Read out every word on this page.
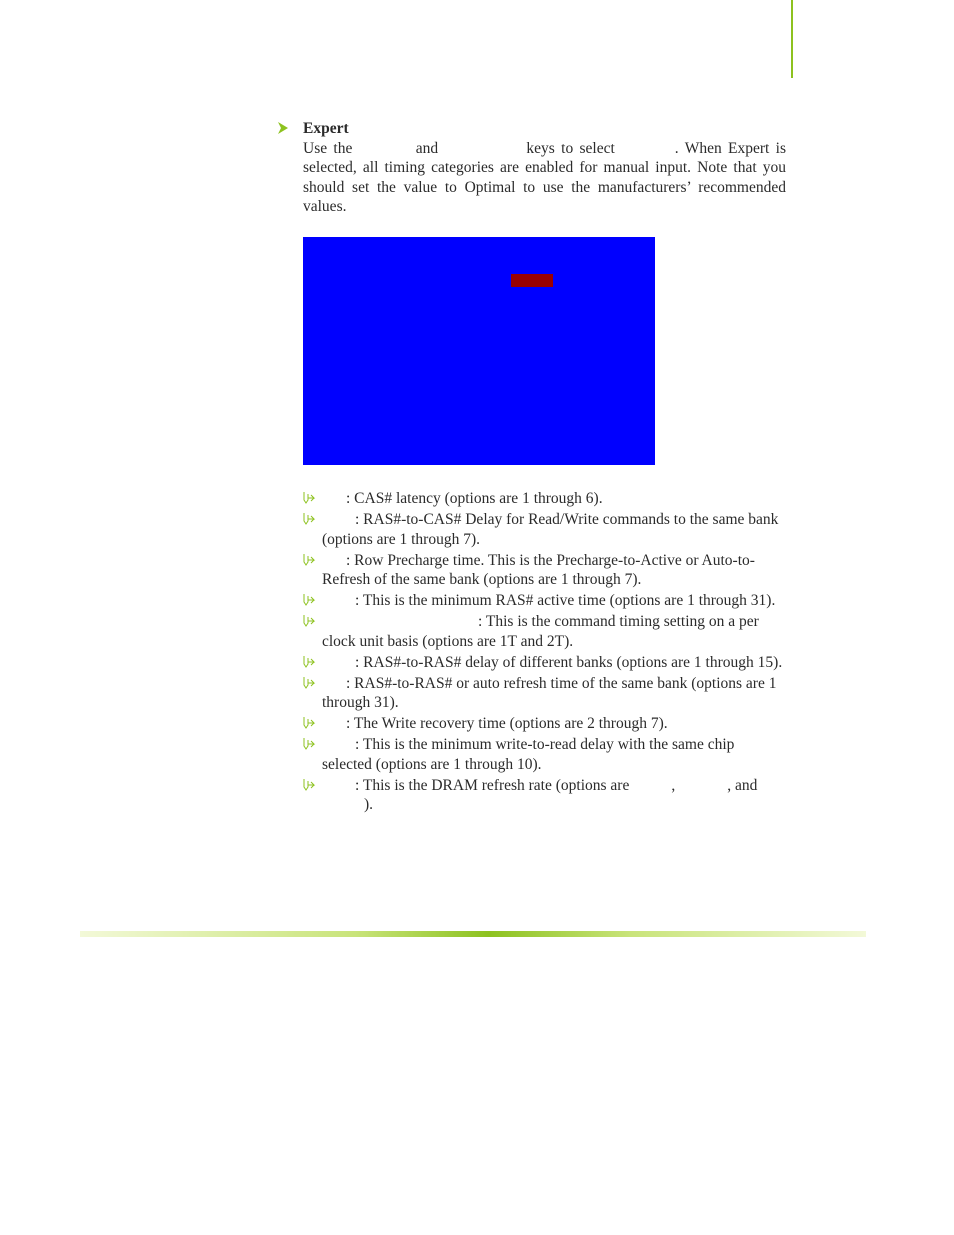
Expert

Use the	and	keys to select	. When Expert is selected, all timing categories are enabled for manual input. Note that you should set the value to Optimal to use the manufacturers’ recommended values.

: CAS# latency (options are 1 through 6).
: RAS#-to-CAS# Delay for Read/Write commands to the same bank (options are 1 through 7).
: Row Precharge time. This is the Precharge-to-Active or Auto-to-Refresh of the same bank (options are 1 through 7).
: This is the minimum RAS# active time (options are 1 through 31).
: This is the command timing setting on a per clock unit basis (options are 1T and 2T).
: RAS#-to-RAS# delay of different banks (options are 1 through 15).
: RAS#-to-RAS# or auto refresh time of the same bank (options are 1 through 31).
: The Write recovery time (options are 2 through 7).
: This is the minimum write-to-read delay with the same chip selected (options are 1 through 10).
: This is the DRAM refresh rate (options are	,	, and
).
